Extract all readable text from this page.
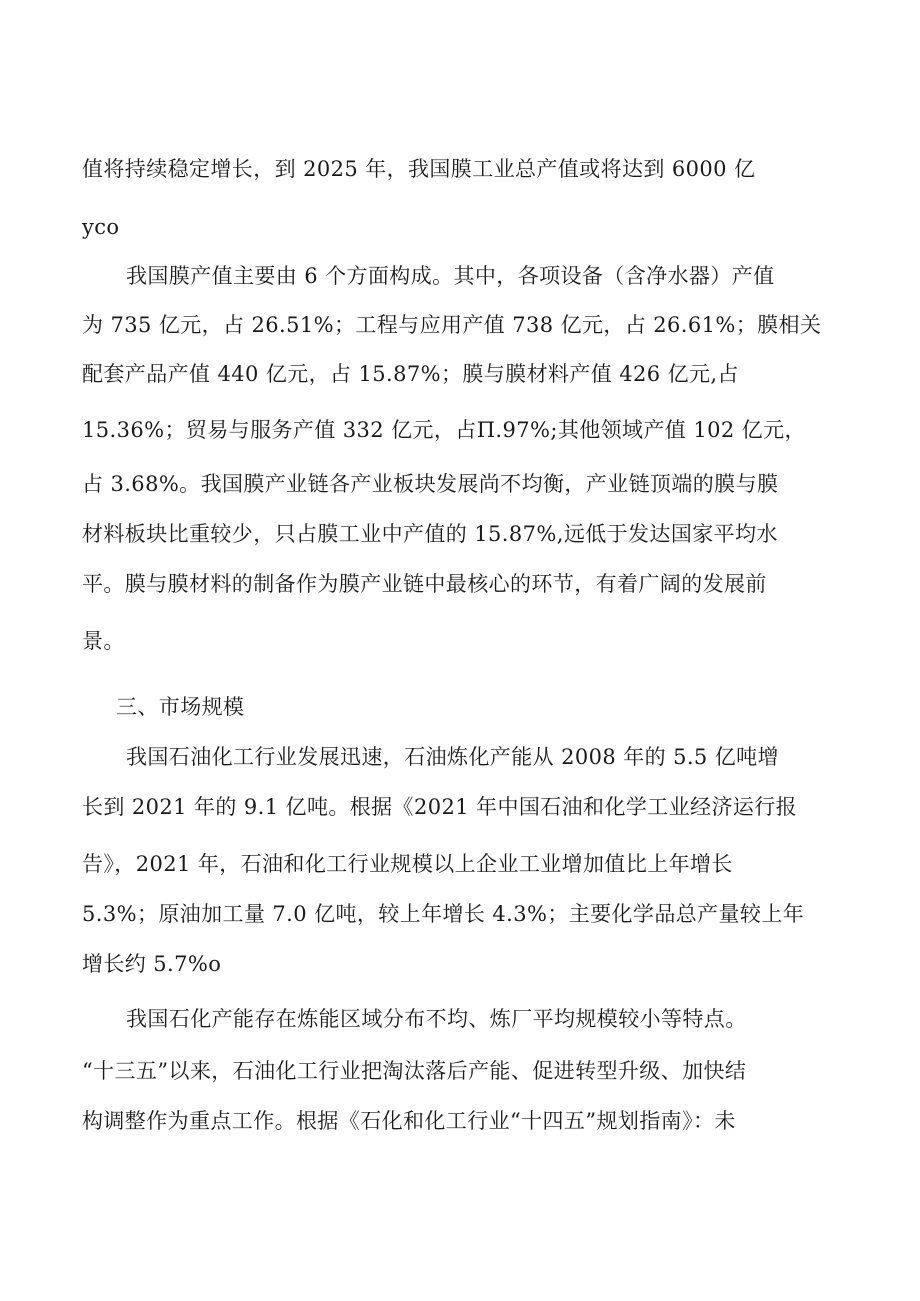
值将持续稳定增长，到 2025 年，我国膜工业总产值或将达到 6000 亿
yco
我国膜产值主要由 6 个方面构成。其中，各项设备（含净水器）产值
为 735 亿元，占 26.51%；工程与应用产值 738 亿元，占 26.61%；膜相关
配套产品产值 440 亿元，占 15.87%；膜与膜材料产值 426 亿元,占
15.36%；贸易与服务产值 332 亿元，占Π.97%;其他领域产值 102 亿元，
占 3.68%。我国膜产业链各产业板块发展尚不均衡，产业链顶端的膜与膜
材料板块比重较少，只占膜工业中产值的 15.87%,远低于发达国家平均水
平。膜与膜材料的制备作为膜产业链中最核心的环节，有着广阔的发展前
景。
三、市场规模
我国石油化工行业发展迅速，石油炼化产能从 2008 年的 5.5 亿吨增
长到 2021 年的 9.1 亿吨。根据《2021 年中国石油和化学工业经济运行报
告》，2021 年，石油和化工行业规模以上企业工业增加值比上年增长
5.3%；原油加工量 7.0 亿吨，较上年增长 4.3%；主要化学品总产量较上年
增长约 5.7%o
我国石化产能存在炼能区域分布不均、炼厂平均规模较小等特点。
“十三五”以来，石油化工行业把淘汰落后产能、促进转型升级、加快结
构调整作为重点工作。根据《石化和化工行业“十四五”规划指南》：未
